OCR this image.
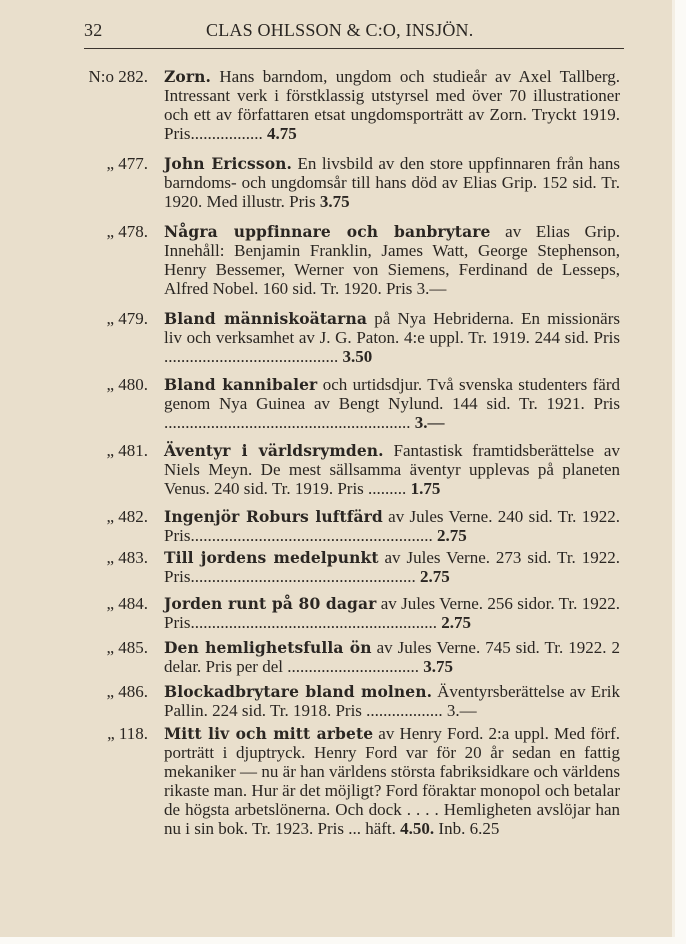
32	CLAS OHLSSON & C:O, INSJÖN.
N:o 282. Zorn. Hans barndom, ungdom och studieår av Axel Tallberg. Intressant verk i förstklassig utstyrsel med över 70 illustrationer och ett av författaren etsat ungdomsporträtt av Zorn. Tryckt 1919. Pris................. 4.75
„ 477. John Ericsson. En livsbild av den store uppfinnaren från hans barndoms- och ungdomsår till hans död av Elias Grip. 152 sid. Tr. 1920. Med illustr. Pris 3.75
„ 478. Några uppfinnare och banbrytare av Elias Grip. Innehåll: Benjamin Franklin, James Watt, George Stephenson, Henry Bessemer, Werner von Siemens, Ferdinand de Lesseps, Alfred Nobel. 160 sid. Tr. 1920. Pris 3.—
„ 479. Bland människoätarna på Nya Hebriderna. En missionärs liv och verksamhet av J. G. Paton. 4:e uppl. Tr. 1919. 244 sid. Pris ......................................... 3.50
„ 480. Bland kannibaler och urtidsdjur. Två svenska studenters färd genom Nya Guinea av Bengt Nylund. 144 sid. Tr. 1921. Pris .......................................................... 3.—
„ 481. Äventyr i världsrymden. Fantastisk framtidsberättelse av Niels Meyn. De mest sällsamma äventyr upplevas på planeten Venus. 240 sid. Tr. 1919. Pris ......... 1.75
„ 482. Ingenjör Roburs luftfärd av Jules Verne. 240 sid. Tr. 1922. Pris......................................................... 2.75
„ 483. Till jordens medelpunkt av Jules Verne. 273 sid. Tr. 1922. Pris..................................................... 2.75
„ 484. Jorden runt på 80 dagar av Jules Verne. 256 sidor. Tr. 1922. Pris.......................................................... 2.75
„ 485. Den hemlighetsfulla ön av Jules Verne. 745 sid. Tr. 1922. 2 delar. Pris per del ............................... 3.75
„ 486. Blockadbrytare bland molnen. Äventyrsberättelse av Erik Pallin. 224 sid. Tr. 1918. Pris .................. 3.—
„ 118. Mitt liv och mitt arbete av Henry Ford. 2:a uppl. Med förf. porträtt i djuptryck. Henry Ford var för 20 år sedan en fattig mekaniker — nu är han världens största fabriksidkare och världens rikaste man. Hur är det möjligt? Ford föraktar monopol och betalar de högsta arbetslönerna. Och dock . . . . Hemligheten avslöjar han nu i sin bok. Tr. 1923. Pris ... häft. 4.50. Inb. 6.25
